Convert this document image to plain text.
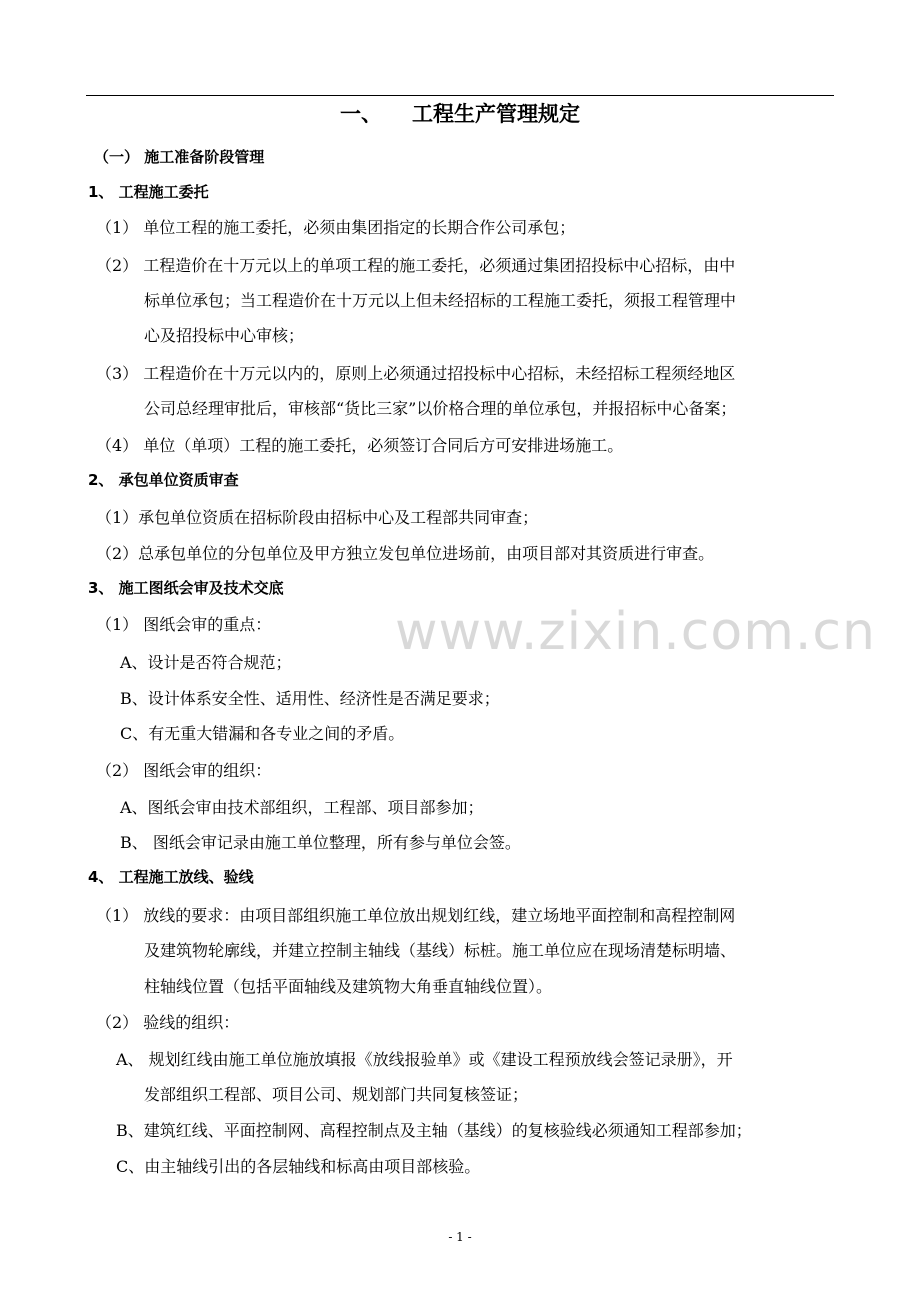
一、 工程生产管理规定
www.zixin.com.cn
（一） 施工准备阶段管理
1、 工程施工委托
（1） 单位工程的施工委托，必须由集团指定的长期合作公司承包；
（2） 工程造价在十万元以上的单项工程的施工委托，必须通过集团招投标中心招标，由中
标单位承包；当工程造价在十万元以上但未经招标的工程施工委托，须报工程管理中
心及招投标中心审核；
（3） 工程造价在十万元以内的，原则上必须通过招投标中心招标，未经招标工程须经地区
公司总经理审批后，审核部“货比三家”以价格合理的单位承包，并报招标中心备案；
（4） 单位（单项）工程的施工委托，必须签订合同后方可安排进场施工。
2、 承包单位资质审查
（1）承包单位资质在招标阶段由招标中心及工程部共同审查；
（2）总承包单位的分包单位及甲方独立发包单位进场前，由项目部对其资质进行审查。
3、 施工图纸会审及技术交底
（1） 图纸会审的重点：
A、设计是否符合规范；
B、设计体系安全性、适用性、经济性是否满足要求；
C、有无重大错漏和各专业之间的矛盾。
（2） 图纸会审的组织：
A、图纸会审由技术部组织，工程部、项目部参加；
B、 图纸会审记录由施工单位整理，所有参与单位会签。
4、 工程施工放线、验线
（1） 放线的要求：由项目部组织施工单位放出规划红线，建立场地平面控制和高程控制网
及建筑物轮廓线，并建立控制主轴线（基线）标桩。施工单位应在现场清楚标明墙、
柱轴线位置（包括平面轴线及建筑物大角垂直轴线位置）。
（2） 验线的组织：
A、 规划红线由施工单位施放填报《放线报验单》或《建设工程预放线会签记录册》，开
发部组织工程部、项目公司、规划部门共同复核签证；
B、建筑红线、平面控制网、高程控制点及主轴（基线）的复核验线必须通知工程部参加；
C、由主轴线引出的各层轴线和标高由项目部核验。
- 1 -
